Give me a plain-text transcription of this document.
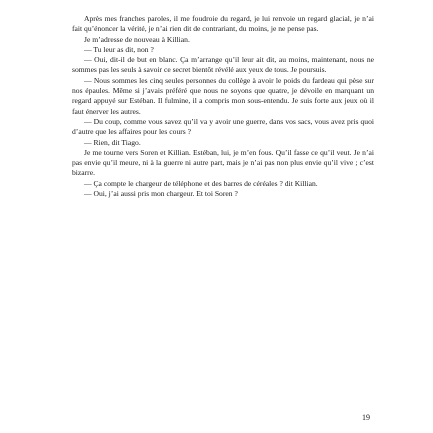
Après mes franches paroles, il me foudroie du regard, je lui renvoie un regard glacial, je n’ai fait qu’énoncer la vérité, je n’ai rien dit de contrariant, du moins, je ne pense pas.

Je m’adresse de nouveau à Killian.

— Tu leur as dit, non ?

— Oui, dit-il de but en blanc. Ça m’arrange qu’il leur ait dit, au moins, maintenant, nous ne sommes pas les seuls à savoir ce secret bientôt révélé aux yeux de tous. Je poursuis.

— Nous sommes les cinq seules personnes du collège à avoir le poids du fardeau qui pèse sur nos épaules. Même si j’avais préféré que nous ne soyons que quatre, je dévoile en marquant un regard appuyé sur Estéban. Il fulmine, il a compris mon sous-entendu. Je suis forte aux jeux où il faut énerver les autres.

— Du coup, comme vous savez qu’il va y avoir une guerre, dans vos sacs, vous avez pris quoi d’autre que les affaires pour les cours ?

— Rien, dit Tiago.

Je me tourne vers Soren et Killian. Estéban, lui, je m’en fous. Qu’il fasse ce qu’il veut. Je n’ai pas envie qu’il meure, ni à la guerre ni autre part, mais je n’ai pas non plus envie qu’il vive ; c’est bizarre.

— Ça compte le chargeur de téléphone et des barres de céréales ? dit Killian.

— Oui, j’ai aussi pris mon chargeur. Et toi Soren ?

19
